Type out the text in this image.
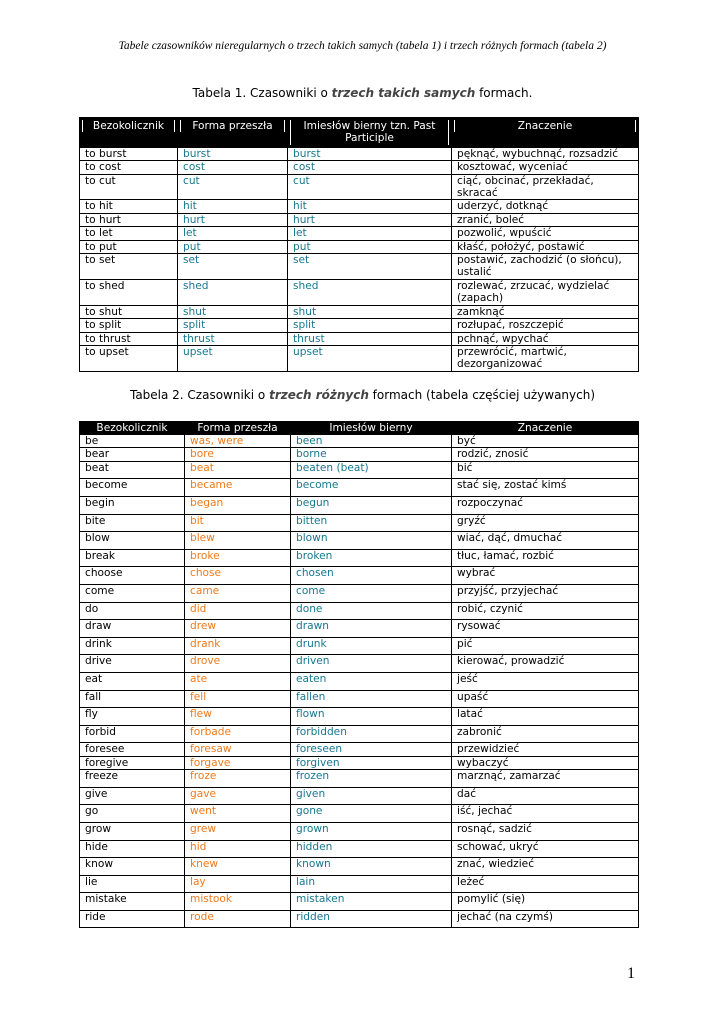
Tabele czasowników nieregularnych o trzech takich samych (tabela 1) i trzech różnych formach (tabela 2)
Tabela 1. Czasowniki o trzech takich samych formach.
Bezokolicznik	Forma przeszła	Imiesłów bierny tzn. Past Participle	Znaczenie

to burst	burst	burst	pęknąć, wybuchnąć, rozsadzić
to cost	cost	cost	kosztować, wyceniać
to cut	cut	cut	ciąć, obcinać, przekładać, skracać
to hit	hit	hit	uderzyć, dotknąć
to hurt	hurt	hurt	zranić, boleć
to let	let	let	pozwolić, wpuścić
to put	put	put	kłaść, położyć, postawić
to set	set	set	postawić, zachodzić (o słońcu), ustalić
to shed	shed	shed	rozlewać, zrzucać, wydzielać (zapach)
to shut	shut	shut	zamknąć
to split	split	split	rozłupać, roszczepić
to thrust	thrust	thrust	pchnąć, wpychać
to upset	upset	upset	przewrócić, martwić, dezorganizować
Tabela 2. Czasowniki o trzech różnych formach (tabela częściej używanych)
Bezokolicznik	Forma przeszła	Imiesłów bierny	Znaczenie
be	was, were	been	być
bear	bore	borne	rodzić, znosić
beat	beat	beaten (beat)	bić
become	became	become	stać się, zostać kimś
begin	began	begun	rozpoczynać
bite	bit	bitten	gryźć
blow	blew	blown	wiać, dąć, dmuchać
break	broke	broken	tłuc, łamać, rozbić
choose	chose	chosen	wybrać
come	came	come	przyjść, przyjechać
do	did	done	robić, czynić
draw	drew	drawn	rysować
drink	drank	drunk	pić
drive	drove	driven	kierować, prowadzić
eat	ate	eaten	jeść
fall	fell	fallen	upaść
fly	flew	flown	latać
forbid	forbade	forbidden	zabronić
foresee	foresaw	foreseen	przewidzieć
foregive	forgave	forgiven	wybaczyć
freeze	froze	frozen	marznąć, zamarzać
give	gave	given	dać
go	went	gone	iść, jechać
grow	grew	grown	rosnąć, sadzić
hide	hid	hidden	schować, ukryć
know	knew	known	znać, wiedzieć
lie	lay	lain	leżeć
mistake	mistook	mistaken	pomylić (się)
ride	rode	ridden	jechać (na czymś)
1
